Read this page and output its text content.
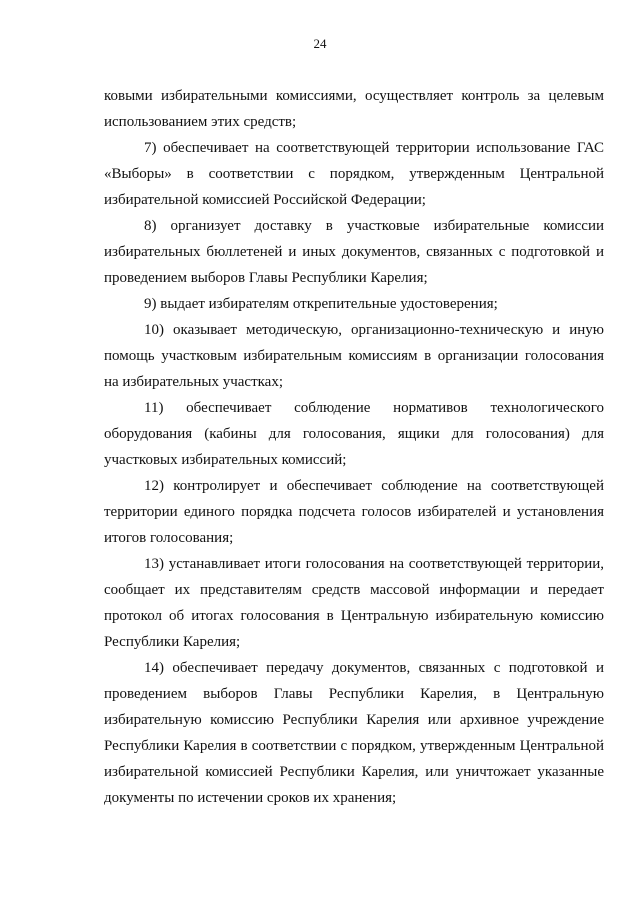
24

ковыми избирательными комиссиями, осуществляет контроль за целевым использованием этих средств;

7) обеспечивает на соответствующей территории использование ГАС «Выборы» в соответствии с порядком, утвержденным Центральной избирательной комиссией Российской Федерации;

8) организует доставку в участковые избирательные комиссии избирательных бюллетеней и иных документов, связанных с подготовкой и проведением выборов Главы Республики Карелия;

9) выдает избирателям открепительные удостоверения;

10) оказывает методическую, организационно-техническую и иную помощь участковым избирательным комиссиям в организации голосования на избирательных участках;

11) обеспечивает соблюдение нормативов технологического оборудования (кабины для голосования, ящики для голосования) для участковых избирательных комиссий;

12) контролирует и обеспечивает соблюдение на соответствующей территории единого порядка подсчета голосов избирателей и установления итогов голосования;

13) устанавливает итоги голосования на соответствующей территории, сообщает их представителям средств массовой информации и передает протокол об итогах голосования в Центральную избирательную комиссию Республики Карелия;

14) обеспечивает передачу документов, связанных с подготовкой и проведением выборов Главы Республики Карелия, в Центральную избирательную комиссию Республики Карелия или архивное учреждение Республики Карелия в соответствии с порядком, утвержденным Центральной избирательной комиссией Республики Карелия, или уничтожает указанные документы по истечении сроков их хранения;
